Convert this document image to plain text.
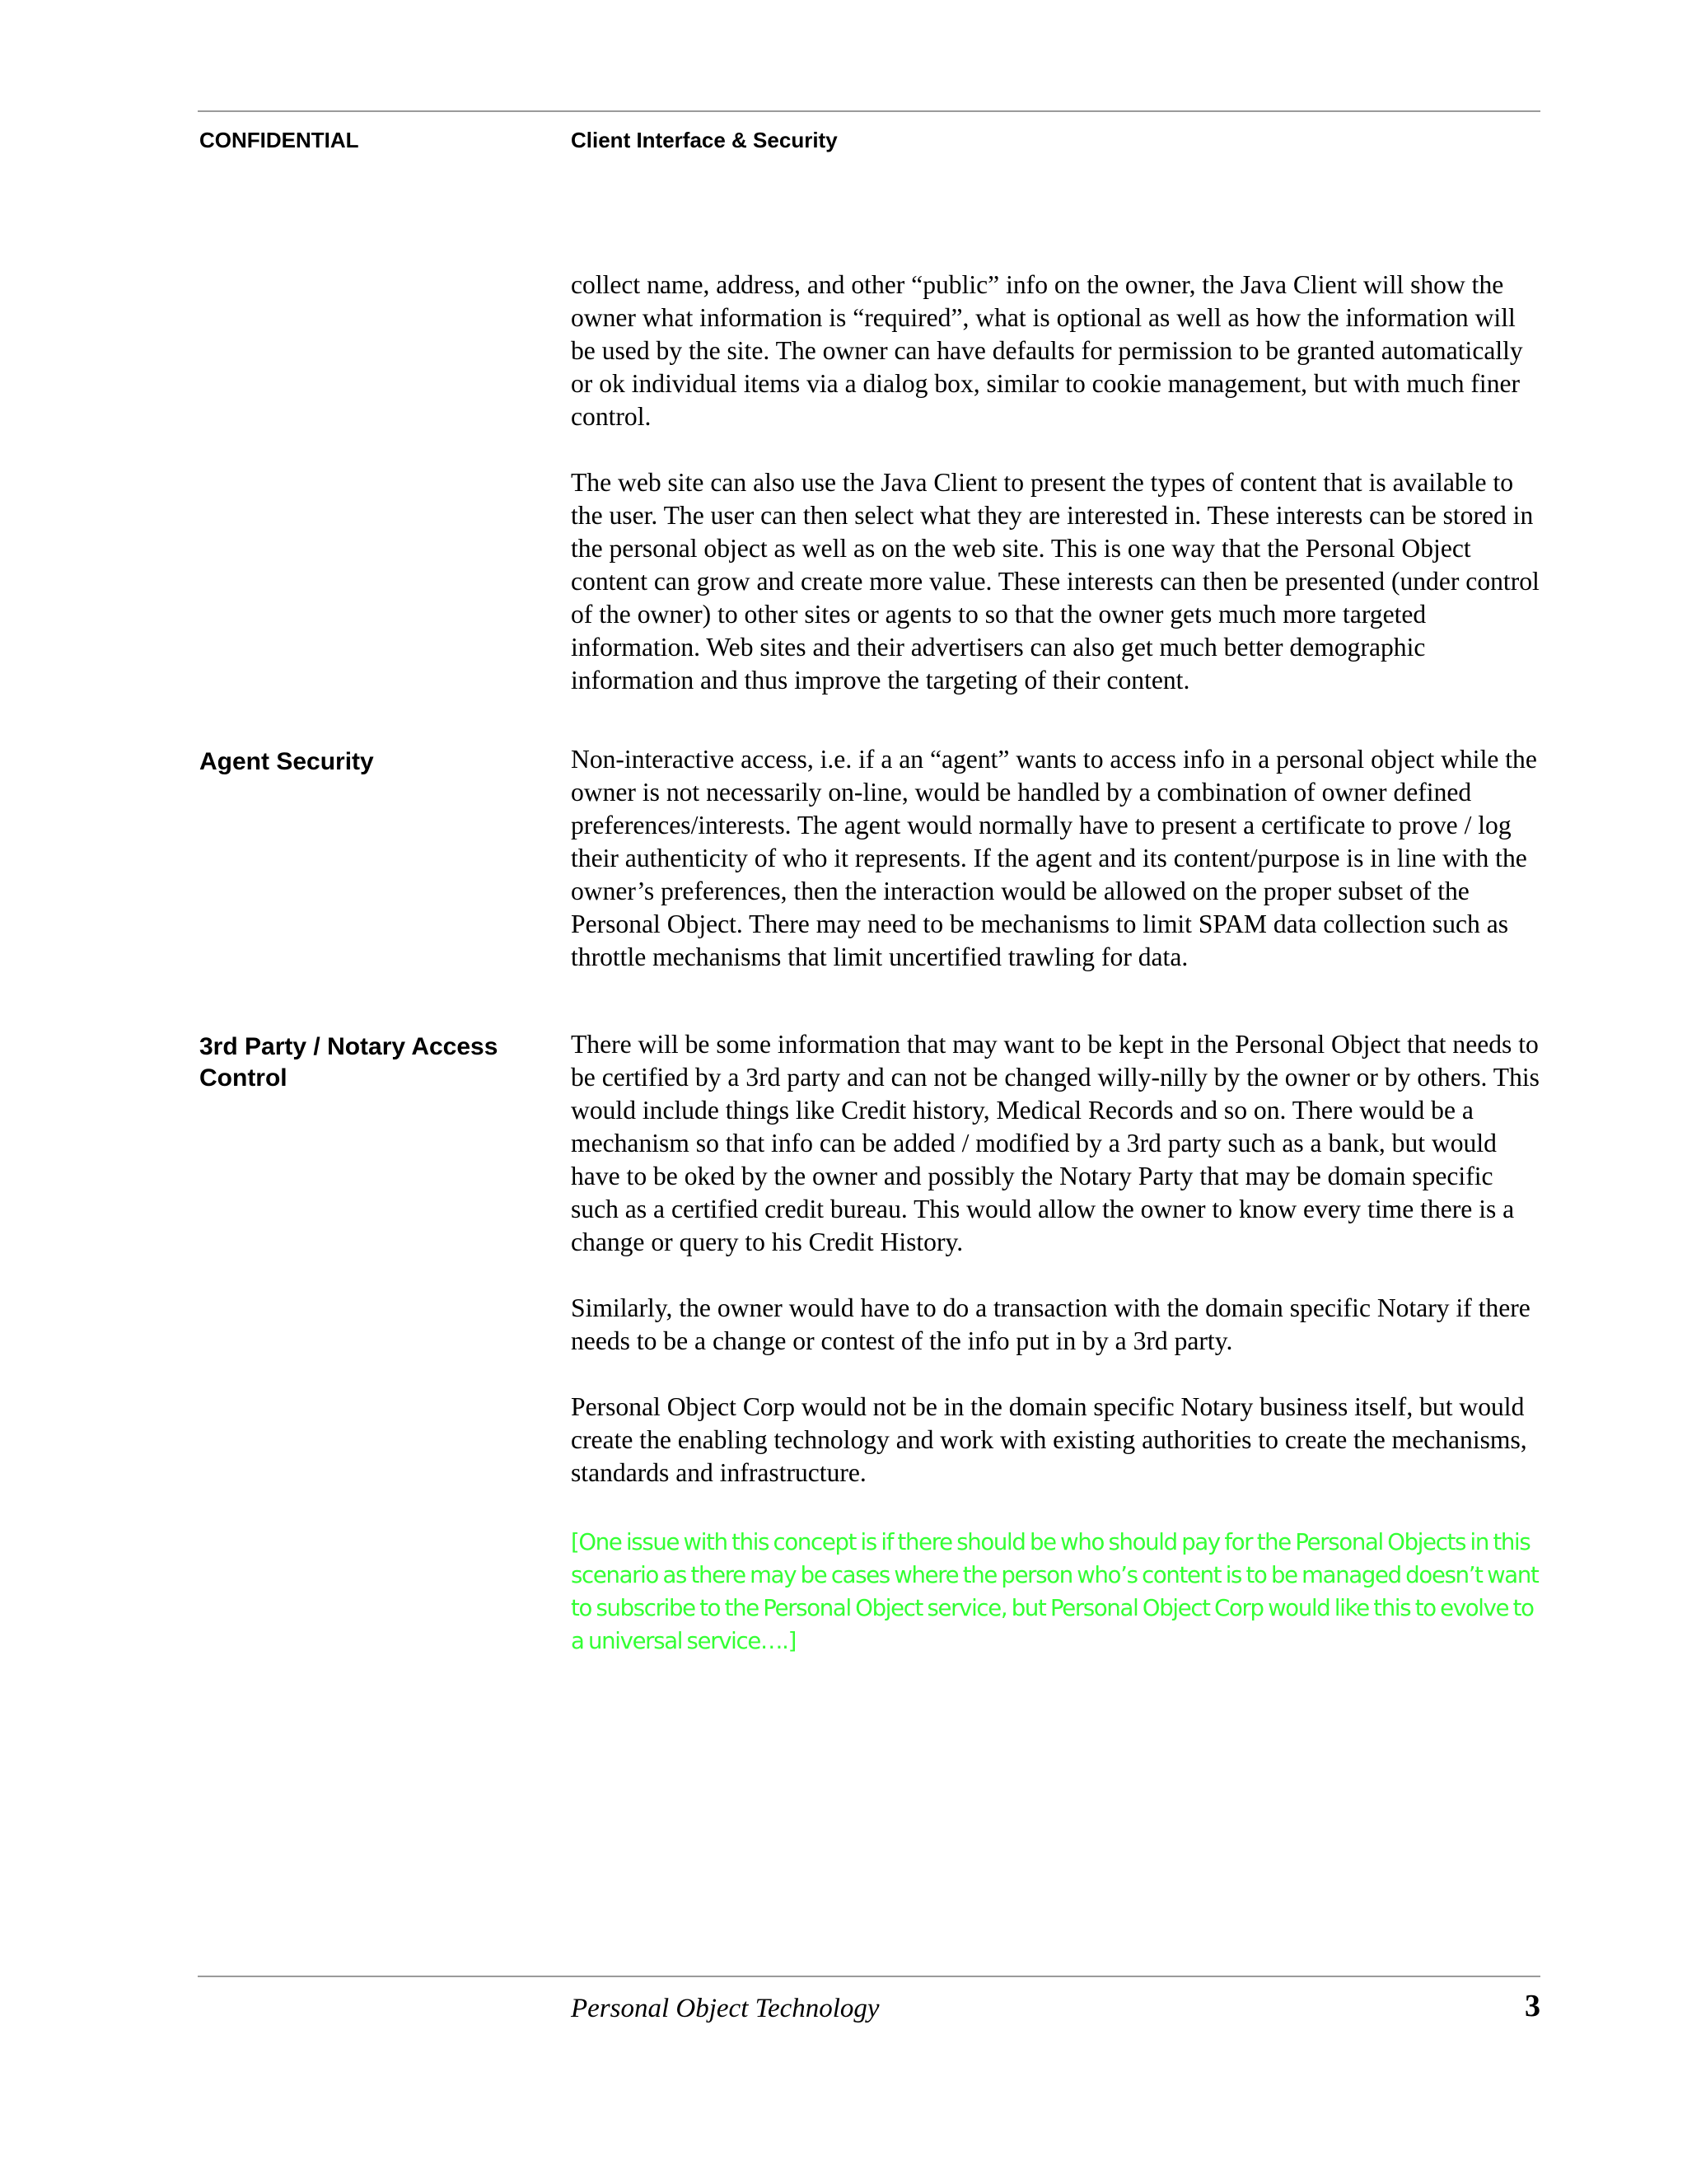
CONFIDENTIAL	Client Interface & Security

collect name, address, and other “public” info on the owner, the Java Client will show the owner what information is “required”, what is optional as well as how the information will be used by the site. The owner can have defaults for permission to be granted automatically or ok individual items via a dialog box, similar to cookie management, but with much finer control.

The web site can also use the Java Client to present the types of content that is available to the user. The user can then select what they are interested in. These interests can be stored in the personal object as well as on the web site. This is one way that the Personal Object content can grow and create more value. These interests can then be presented (under control of the owner) to other sites or agents to so that the owner gets much more targeted information. Web sites and their advertisers can also get much better demographic information and thus improve the targeting of their content.

Agent Security	Non-interactive access, i.e. if a an “agent” wants to access info in a personal object while the owner is not necessarily on-line, would be handled by a combination of owner defined preferences/interests. The agent would normally have to present a certificate to prove / log their authenticity of who it represents. If the agent and its content/purpose is in line with the owner’s preferences, then the interaction would be allowed on the proper subset of the Personal Object. There may need to be mechanisms to limit SPAM data collection such as throttle mechanisms that limit uncertified trawling for data.

3rd Party / Notary Access Control

There will be some information that may want to be kept in the Personal Object that needs to be certified by a 3rd party and can not be changed willy-nilly by the owner or by others. This would include things like Credit history, Medical Records and so on. There would be a mechanism so that info can be added / modified by a 3rd party such as a bank, but would have to be oked by the owner and possibly the Notary Party that may be domain specific such as a certified credit bureau. This would allow the owner to know every time there is a change or query to his Credit History.

Similarly, the owner would have to do a transaction with the domain specific Notary if there needs to be a change or contest of the info put in by a 3rd party.

Personal Object Corp would not be in the domain specific Notary business itself, but would create the enabling technology and work with existing authorities to create the mechanisms, standards and infrastructure.

[One issue with this concept is if there should be who should pay for the Personal Objects in this scenario as there may be cases where the person who’s content is to be managed doesn’t want to subscribe to the Personal Object service, but Personal Object Corp would like this to evolve to a universal service….]
Personal Object Technology	3
